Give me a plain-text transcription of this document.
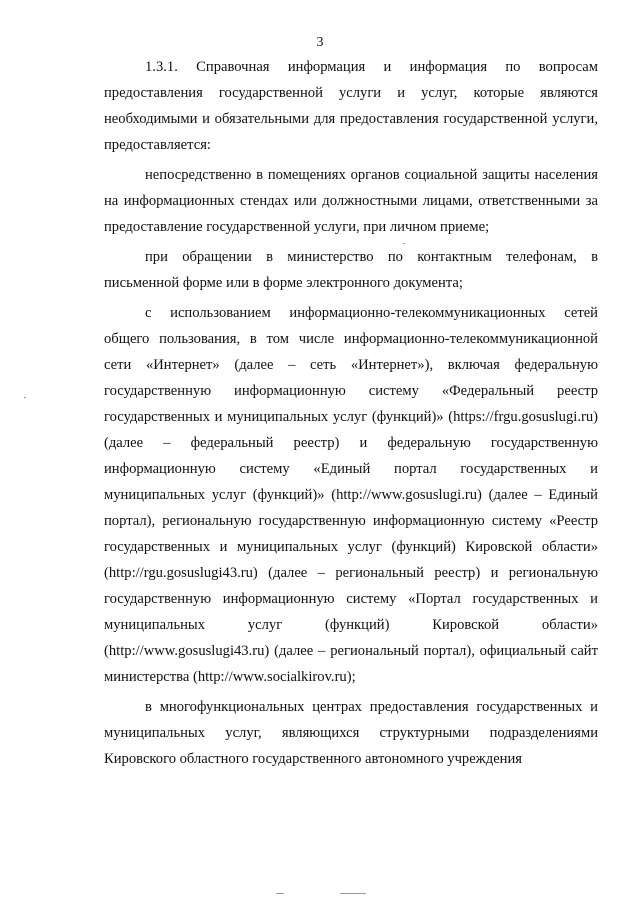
3

1.3.1. Справочная информация и информация по вопросам предоставления государственной услуги и услуг, которые являются необходимыми и обязательными для предоставления государственной услуги, предоставляется:

непосредственно в помещениях органов социальной защиты населения на информационных стендах или должностными лицами, ответственными за предоставление государственной услуги, при личном приеме;

при обращении в министерство по контактным телефонам, в письменной форме или в форме электронного документа;

с использованием информационно-телекоммуникационных сетей общего пользования, в том числе информационно-телекоммуникационной сети «Интернет» (далее – сеть «Интернет»), включая федеральную государственную информационную систему «Федеральный реестр государственных и муниципальных услуг (функций)» (https://frgu.gosuslugi.ru) (далее – федеральный реестр) и федеральную государственную информационную систему «Единый портал государственных и муниципальных услуг (функций)» (http://www.gosuslugi.ru) (далее – Единый портал), региональную государственную информационную систему «Реестр государственных и муниципальных услуг (функций) Кировской области» (http://rgu.gosuslugi43.ru) (далее – региональный реестр) и региональную государственную информационную систему «Портал государственных и муниципальных услуг (функций) Кировской области» (http://www.gosuslugi43.ru) (далее – региональный портал), официальный сайт министерства (http://www.socialkirov.ru);

в многофункциональных центрах предоставления государственных и муниципальных услуг, являющихся структурными подразделениями Кировского областного государственного автономного учреждения
